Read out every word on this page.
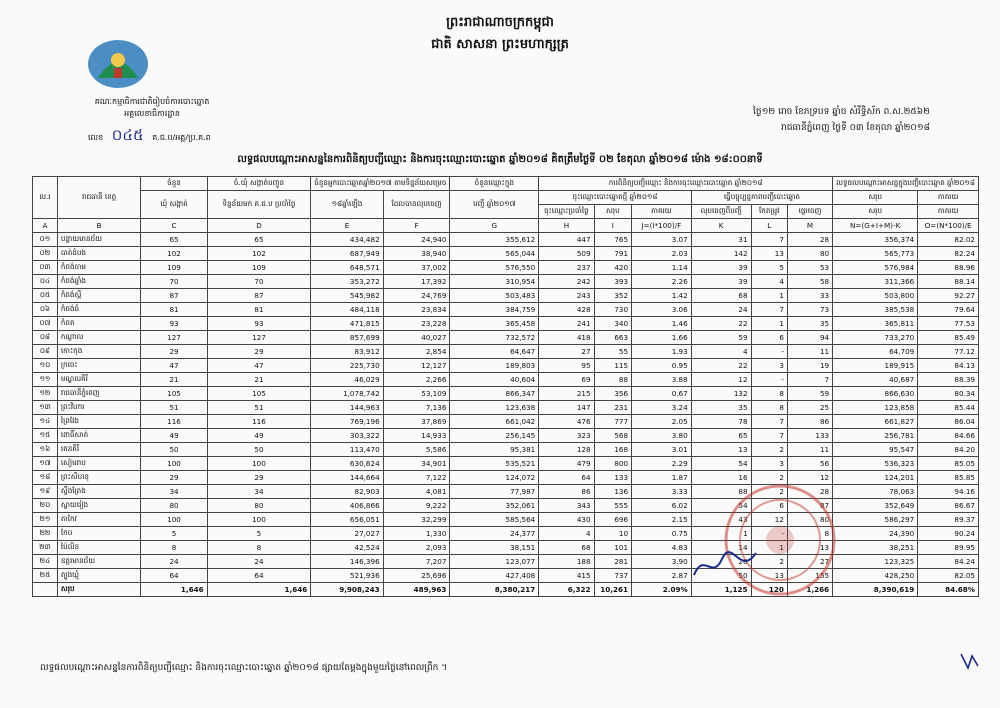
គណៈកម្មាធិការជាតិរៀបចំការបោះឆ្នោត
អគ្គលេខាធិការដ្ឋាន
លេខ ០៤៥ គ.ជ.ប/អគ្គ/ប្រ.គ.ព
ព្រះរាជាណាចក្រកម្ពុជា
ជាតិ សាសនា ព្រះមហាក្សត្រ
ថ្ងៃ១២ រោច ខែភទ្របទ ឆ្នាំច សំរឹទ្ធិស័ក ព.ស.២៥៦២
រាជធានីភ្នំពេញ ថ្ងៃទី ០៣ ខែតុលា ឆ្នាំ២០១៨
លទ្ធផលបណ្ដោះអាសន្ននៃការពិនិត្យបញ្ជីឈ្មោះ និងការចុះឈ្មោះបោះឆ្នោត ឆ្នាំ២០១៨ គិតត្រឹមថ្ងៃទី ០២ ខែតុលា ឆ្នាំ២០១៨ ម៉ោង ១៨:០០នាទី
ល.រ	រាជធានី ខេត្ត	ចំនួន	ចំ.ឃុំ សង្កាត់បញ្ជូន	ចំនួនអ្នកបោះឆ្នោតឆ្នាំ២០១៧ តាមទិន្នន័យសម្រេច		ចំនួនឈ្មោះក្នុង	ការពិនិត្យបញ្ជីឈ្មោះ និងការចុះឈ្មោះបោះឆ្នោត ឆ្នាំ២០១៨						លទ្ធផលបណ្ដោះអាសន្នក្នុងបញ្ជីបោះឆ្នោត ឆ្នាំ២០១៨	
		ឃុំ សង្កាត់	ទិន្នន័យមក គ.ជ.ប ប្រចាំថ្ងៃ	១៨ឆ្នាំឡើង	ដែលបានលុបចេញ	បញ្ជី ឆ្នាំ២០១៧	ចុះឈ្មោះបោះឆ្នោតថ្មី ឆ្នាំ២០១៨			ធ្វើបច្ចុប្បន្នភាពបញ្ជីបោះឆ្នោត			សរុប	ភាគរយ
							ចុះឈ្មោះប្រចាំថ្ងៃ	សរុប	ភាគរយ	លុបចេញពីបញ្ជី	កែតម្រូវ	ផ្ទេរចេញ	សរុប	ភាគរយ
A	B	C	D	E	F	G	H	I	J=(I*100)/F	K	L	M	N=(G+I+M)-K	O=(N*100)/E
០១	បន្ទាយមានជ័យ	65	65	434,482	24,940	355,612	447	765	3.07	31	7	28	356,374	82.02
០២	បាត់ដំបង	102	102	687,949	38,940	565,044	509	791	2.03	142	13	80	565,773	82.24
០៣	កំពង់ចាម	109	109	648,571	37,002	576,550	237	420	1.14	39	5	53	576,984	88.96
០៤	កំពង់ឆ្នាំង	70	70	353,272	17,392	310,954	242	393	2.26	39	4	58	311,366	88.14
០៥	កំពង់ស្ពឺ	87	87	545,982	24,769	503,483	243	352	1.42	68	1	33	503,800	92.27
០៦	កំពង់ធំ	81	81	484,118	23,834	384,759	428	730	3.06	24	7	73	385,538	79.64
០៧	កំពត	93	93	471,815	23,228	365,458	241	340	1.46	22	1	35	365,811	77.53
០៨	កណ្ដាល	127	127	857,699	40,027	732,572	418	663	1.66	59	6	94	733,270	85.49
០៩	កោះកុង	29	29	83,912	2,854	64,647	27	55	1.93	4	-	11	64,709	77.12
១០	ក្រចេះ	47	47	225,730	12,127	189,803	95	115	0.95	22	3	19	189,915	84.13
១១	មណ្ឌលគិរី	21	21	46,029	2,266	40,604	69	88	3.88	12	-	7	40,687	88.39
១២	រាជធានីភ្នំពេញ	105	105	1,078,742	53,109	866,347	215	356	0.67	132	8	59	866,630	80.34
១៣	ព្រះវិហារ	51	51	144,963	7,136	123,638	147	231	3.24	35	8	25	123,858	85.44
១៤	ព្រៃវែង	116	116	769,196	37,869	661,042	476	777	2.05	78	7	86	661,827	86.04
១៥	ពោធិ៍សាត់	49	49	303,322	14,933	256,145	323	568	3.80	65	7	133	256,781	84.66
១៦	រតនគិរី	50	50	113,470	5,586	95,381	128	168	3.01	13	2	11	95,547	84.20
១៧	សៀមរាប	100	100	630,624	34,901	535,521	479	800	2.29	54	3	56	536,323	85.05
១៨	ព្រះសីហនុ	29	29	144,664	7,122	124,072	64	133	1.87	16	2	12	124,201	85.85
១៩	ស្ទឹងត្រែង	34	34	82,903	4,081	77,987	86	136	3.33	88	2	28	78,063	94.16
២០	ស្វាយរៀង	80	80	406,866	9,222	352,061	343	555	6.02	54	6	87	352,649	86.67
២១	តាកែវ	100	100	656,051	32,299	585,564	430	696	2.15	43	12	80	586,297	89.37
២២	កែប	5	5	27,027	1,330	24,377	4	10	0.75	1	-	8	24,390	90.24
២៣	ប៉ៃលិន	8	8	42,524	2,093	38,151	68	101	4.83	14	1	13	38,251	89.95
២៤	ឧត្ដរមានជ័យ	24	24	146,396	7,207	123,077	188	281	3.90	20	2	27	123,325	84.24
២៥	ត្បូងឃ្មុំ	64	64	521,936	25,696	427,408	415	737	2.87	50	13	155	428,250	82.05
	សរុប	1,646	1,646	9,908,243	489,963	8,380,217	6,322	10,261	2.09%	1,125	120	1,266	8,390,619	84.68%
លទ្ធផលបណ្ដោះអាសន្ននៃការពិនិត្យបញ្ជីឈ្មោះ និងការចុះឈ្មោះបោះឆ្នោត ឆ្នាំ២០១៨ ផ្សាយតែម្ដងក្នុងមួយថ្ងៃនៅពេលព្រឹក ។
